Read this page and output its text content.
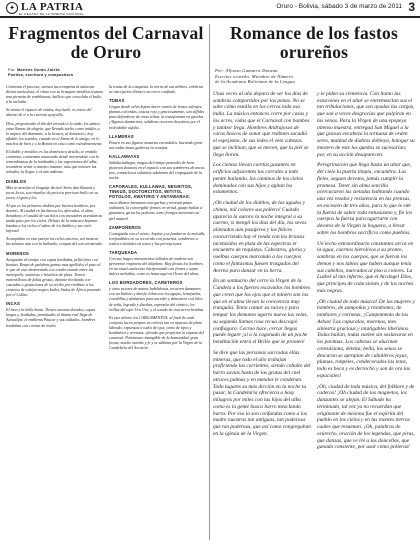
✦ LA PATRIA
EL DECANO DE LA PRENSA NACIONAL
Oruro - Bolivia, sábado 3 de marzo de 2011 3
Fragmentos del Carnaval de Oruro
Por: Marlene Durán Zuleta
Poetisa, escritora y compositora

Comienza el proceso, suenan las trompetas la máscara divina meticulosa, el ritmo con su brusquez metálica avanza una pirrueta de semblanzas, bullicio que consolida el baile, a la melodía.

Se sienta el espacio de ruidos, hay baile, es inicio del alarmo de ir a la caverna ayayvilla.

Dios, proponiendo el día del cercado a la tarde, los sabios entre llamas de alegría, que llevado suelto como inútiles a lo atípico del diamante, a la brusca, al doméstico, hoy aflable, los sonidos, cuando en el límite de lo amigo, en lo muchos de bien y a la Bonita en caso como estridentemente.

El diablo y metálico es los domésticos destila, se emitido comienzo, comienzan anunciado desde moviendose con la remembranza de la lombardía y las expresiones del alba, resembrar sentir a nuestro instante, mas que iniciare las reliadas, la llegue y al aun ardiente.

DIABLOS

Más se mezclan el lenguaje divino! Seres dan lilanzas y tocos locos, son ritualtes de peticios precisan brillo en su joven, el guia y los.

Al que es los primeros diablos por buenos hombres, por destino. Al caudal en las barcas los aferrados, el alma donadora, el caudal de sus hilos con encuadres acentúan su tanda paso por los cielos. Debajo de la máscara bajaran baudas a los cielos el sabor de los diablos y sus cielo infernal.

Acompañan en esta pareja los cielos entorno, así mostrar las siluetas aún con la bailando, compás del son arrastrado.

MORENOS

Atrapando al tiempo con capas bordadas, pellierfron con bonitas. Rezan de palabras gemas mas apellidos el paso al ir que de esto destrezando con condecorando entre las metrópolis, ostentoso e histórica de plata. Tienen maravillosos de faltas grosas, durante bordando con cascadas o gestaciones de su recibo por retribuir a los cristeros de cobijar negros bailes lindos de África pasando por el Collao.

INCAS

El inca y la bella ñusta. Tienen cazonas dorados, capas largas y, bordadas, prontitudes al drama real llega de Atawallpa, el emblema Paucar y sus soldados, hombres bordaban con corona de reales

la trama de la conquista, la tierra de sus alebres, celebran su inscripción divina a un cerco confiado.

TOBAS

Llegan desde selva lejana hacer cantos de lenses salvajes, plumas coloridas, cuscus rojo y graciosamente, son sílfides para defenderse de otras tribus. la transforman en gacelas. ¡Algunos danzarines, saltdivas recorren descalzos por el inolvidable asfalto.

LLAMERAS

Pasten en sus figuras mozaran escondidos, haciendo girar sus ondas hasta gudieras en sonajas.

KALLAWAYAS

Sabiduríadisque, magos del tiempo pomiales de hora pioneras donaras en el espacio con sus sombreros de ancas tres, consuelosos saltaníos adelantes del corpiquiale de la noche.

CAPORALES, KULLAWAS, NEGRITOS, TINKUS, DOCTORCITOS, WITITIS, POTOLOS, AWATIRIS Y ANTAWARAS:

estos últimos hermanos son gachas y terrenal paseo radiantes, la convergible frentes en virtud, guapo bailan a gastamos, giran los policeas como frongos movientes su piel natural.

ZAMPOÑEROS

Contagiada con el viento, Soplan y se fundan en la melodía, irrefundibles en su recorrido con ponchos, sombreros a rodios coloniales en tonos y las percepciones.

TARQUEADA

Con sus largos instrumentos tallados de madera son pertinente empinera del altiplano. Hay fiestas los hombres en un ritual autóctono interpretando con firmes y sayas dulces melodías, como es hasta aquí en Oruro del alma.

LOS BORDADORES, CARETEROS

y otros actores de manos habilidosas, recorren danzantes con un bailoso y duerfe, hilan con los agujas, lentejuelas, cortidillas y alabarzas para suceder y demostrar con hilos de seda, logrado y diseñan, expresión del cántico, los orillas del tupo Uru Uru, y el sonido de esta tierra bendita.

Es este aliento los CARGAMENTOS, al final de cada conjunto lucen propios en colores tan en aparato de plata labrado, expuestas a todos de ojos, como de tipos y bordadora y serenata, ofrenda que propician la riqueza del carnaval. Patrimonio intangible de la humanidad, gran forma, mucho sentido y fe y se sublima por la Virgen de la Candelaria del Socavón.

Romance de los fastos orureños
Por: Alfonso Gamarra Durana
Escritor orureño. Miembro de Número
de la Academia Boliviana de la Lengua

Unas veces al año depara de ser los días de sombras compartidos por las penas. No se sabe cómo estalla en los cerros toda esa bulla. La música entonces corre por casas y los acres, vidas que el Carnaval con bombos y tambor llega. Hombres Andrajosos de caras hoscos de sonar que redimen sacudió el espejismo, de sus ledes el veto cabezas que se inclinan, que se mecen, que la piel se llega lloran.

Los cientos llevan caretas gozantes en orificios adyacentes los corrales a todo penite bailando, los caminos de los cielos dominados con sus hijos y agitan los estamentos.

¡Oh ciudad de los diablos, de los agudos y chinas, mil colores sus pollera! Cuándo aparecía la aurora la noche íntegral a su cuerno, si mengil los días del día, los sevos alineados aún pasajeros y los felices concurriendo hay el ronda con los bríosos lacetasidos en pista de las espectras el encuentro de requistas. Cabestros, gloria y vuelbas cuerpos marcando a los cuerpos como el fantasmas fuesen trasgados del Averno para danzar en la berra.

En un santuario del cerro la Virgen de la Candela a los fuertes excavados los hombres que creen que los ojos que el minero son los que en el alma llevan la conciencia muy tranquila. Tenía cantar su raíces y para tempar los demones agarro nuevo las velas, su segunda llamas rosa recua descogió confiaguró. Cerrao hace, cerrar llegas puede legare ¡si a la cagonado de un poche benditación entrá el Brillo que se promen!

Se dice que las personas son todas ellas mineras, que todo el año trabajan profiriendo los corrientes, siendo cobalto del barro savias hasta de las grutas del cnel atroces palmas y en metales le condenan. Todo lugares su más dicción en la noche tu pasar, la Candelaria ofrecerca a hasy milagros por miles con las hijos del alba como es la gente busca barro mezclando barro. Por eso la son confundas como a los madre nuestras tan antiguas, tan poderosa que tan poderosa, que así como congregaban en la iglesia de la Virgen

y le piden su clemencia. Con llanto las estaciones en el altar se entremezclan sus el tan tribulaciones, que son ayudas las cargas, que son a veces desgracias que palpiran en las venas. Para la Virgen de una epopeya intenso muestra, entregad San Miguel a la que gozosa encabeza la tortuosa de orden seres, maldad de diablos dobleya, halogar su mestero de este las quedos se sucesarían; por, en su acción desaparecen.

Peregrinación que llega hasta un altar que, del cielo la puerta limpia, encumbra. Los fieles, seguen devotos, jamás cumplir la promesa. Tener sin alma sencilla acercacaron las sietadas hablando cuando una vez rezaba y resistencia en las prensas, en excesión de tres años, para lo que le ede la fuerza de sabor toda entusiasmo y, fin los cuerpos la fuerza para agarrarte con devotos de la Virgen la hoguera, a llevar sobre los hombros sacrificio como pueblos.

Un lecho extraordinario constantes arcos en la agua, cuernos hierolivos a su pronto, sombras en los cuerpos, que se fueran los demon y nos labios que haben aunque tenía sus cabellos, marcados al piso a colores. La Luzbel al mis inferno, que el Arcángel Dios, que principes de colacsiones y de los noches más negras.

¡Oh ciudad de todo música! De las mujeres y hombres, de zampoñas y trombones, de tambores y cornetas, ¡Campamento de los Ashas! Las capucalas, morenas, mes siniestra gracious y intatigables liberanos. Todas bailan, todas vuelen sin soslavarse en los pavimas. Los cabezas se alucinan convulsiona, deleita, bella, los senos se descaran se apropian de caballeros joyas, plumas, ronpeles, condecorados las tetas, todo es boca y es derrochó y son de oro las espaciales!

¡Oh, ciudad de toda música, del folklore y de caderas! ¡Oh ciudad de los magnetos, los danzantes se alejan, El Sábado ha terminado, tal vez ya no recuerdan que originante de misiona fue el espíritu del pueblo en los cielos y en las montes tierras cuales que resuenan. ¡Oh, palabras de orúrecho, oración de los legendas, que piras, que danzas, que ve iré a las doncellas, que ganado consiente, por usar como polleras!
